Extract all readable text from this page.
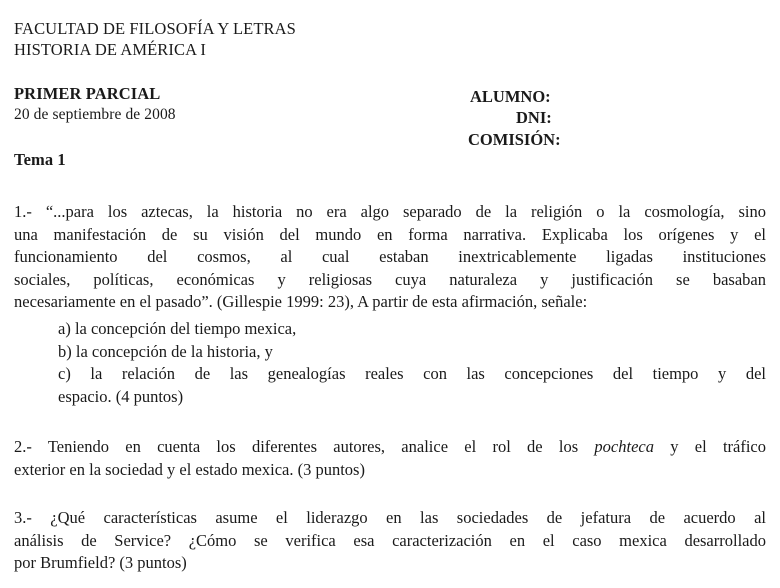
FACULTAD DE FILOSOFÍA Y LETRAS
HISTORIA DE AMÉRICA I
PRIMER PARCIAL
20 de septiembre de 2008
ALUMNO:
DNI:
COMISIÓN:
Tema 1
1.- “...para los aztecas, la historia no era algo separado de la religión o la cosmología, sino
una manifestación de su visión del mundo en forma narrativa. Explicaba los orígenes y el
funcionamiento del cosmos, al cual estaban inextricablemente ligadas instituciones
sociales, políticas, económicas y religiosas cuya naturaleza y justificación se basaban
necesariamente en el pasado”. (Gillespie 1999: 23), A partir de esta afirmación, señale:
a) la concepción del tiempo mexica,
b) la concepción de la historia, y
c) la relación de las genealogías reales con las concepciones del tiempo y del
espacio. (4 puntos)
2.- Teniendo en cuenta los diferentes autores, analice el rol de los pochteca y el tráfico
exterior en la sociedad y el estado mexica. (3 puntos)
3.- ¿Qué características asume el liderazgo en las sociedades de jefatura de acuerdo al
análisis de Service? ¿Cómo se verifica esa caracterización en el caso mexica desarrollado
por Brumfield? (3 puntos)
